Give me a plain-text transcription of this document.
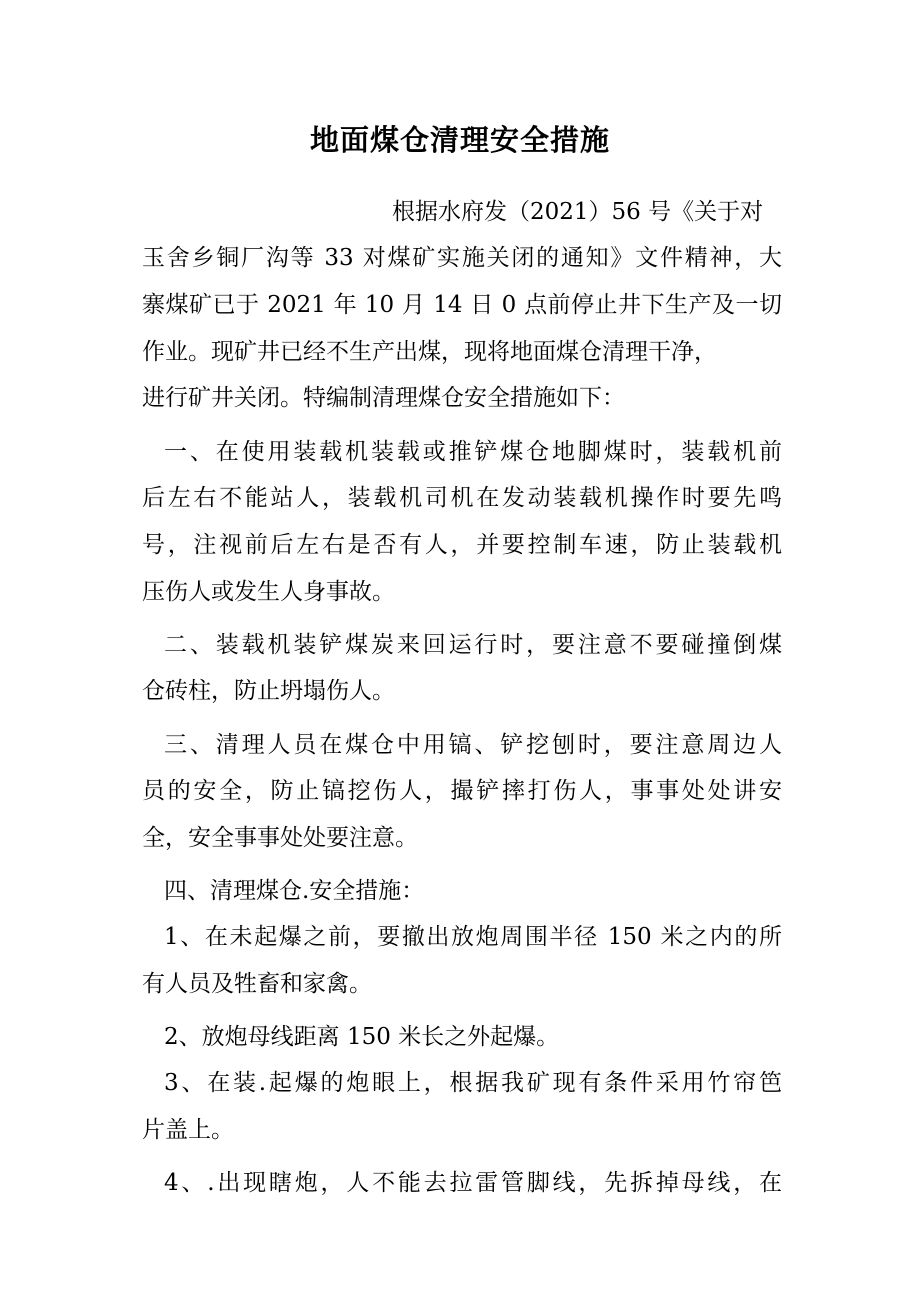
地面煤仓清理安全措施

根据水府发（2021）56 号《关于对

玉舍乡铜厂沟等 33 对煤矿实施关闭的通知》文件精神，大

寨煤矿已于 2021 年 10 月 14 日 0 点前停止井下生产及一切

作业。现矿井已经不生产出煤，现将地面煤仓清理干净，

进行矿井关闭。特编制清理煤仓安全措施如下：

一、在使用装载机装载或推铲煤仓地脚煤时，装载机前

后左右不能站人，装载机司机在发动装载机操作时要先鸣

号，注视前后左右是否有人，并要控制车速，防止装载机

压伤人或发生人身事故。

二、装载机装铲煤炭来回运行时，要注意不要碰撞倒煤

仓砖柱，防止坍塌伤人。

三、清理人员在煤仓中用镐、铲挖刨时，要注意周边人

员的安全，防止镐挖伤人，撮铲摔打伤人，事事处处讲安

全，安全事事处处要注意。

四、清理煤仓.安全措施：

1、在未起爆之前，要撤出放炮周围半径 150 米之内的所

有人员及牲畜和家禽。

2、放炮母线距离 150 米长之外起爆。

3、在装.起爆的炮眼上，根据我矿现有条件采用竹帘笆

片盖上。

4、.出现瞎炮，人不能去拉雷管脚线，先拆掉母线，在
